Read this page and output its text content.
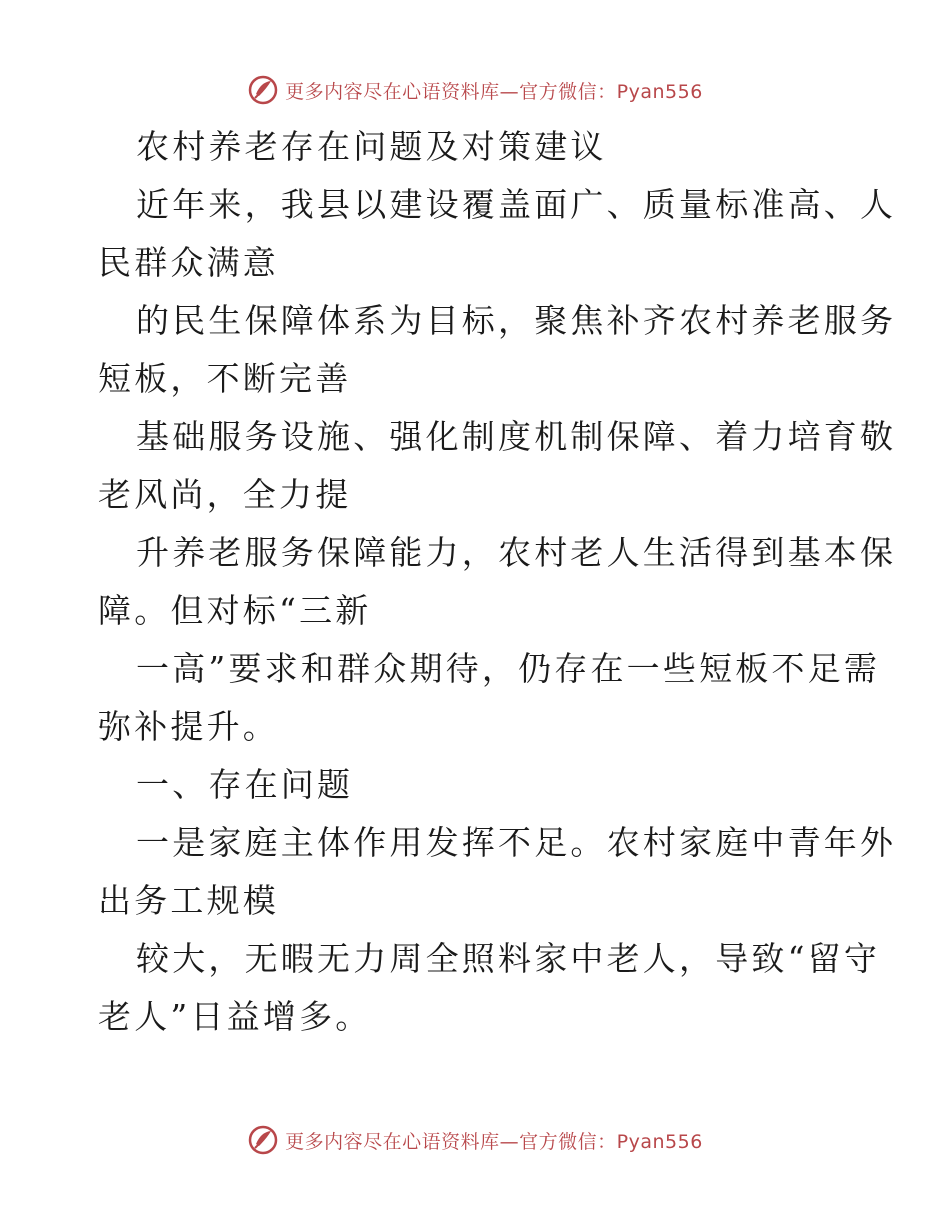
更多内容尽在心语资料库—官方微信：Pyan556
农村养老存在问题及对策建议
近年来，我县以建设覆盖面广、质量标准高、人
民群众满意
的民生保障体系为目标，聚焦补齐农村养老服务
短板，不断完善
基础服务设施、强化制度机制保障、着力培育敬
老风尚，全力提
升养老服务保障能力，农村老人生活得到基本保
障。但对标“三新
一高”要求和群众期待，仍存在一些短板不足需
弥补提升。
一、存在问题
一是家庭主体作用发挥不足。农村家庭中青年外
出务工规模
较大，无暇无力周全照料家中老人，导致“留守
老人”日益增多。
更多内容尽在心语资料库—官方微信：Pyan556
